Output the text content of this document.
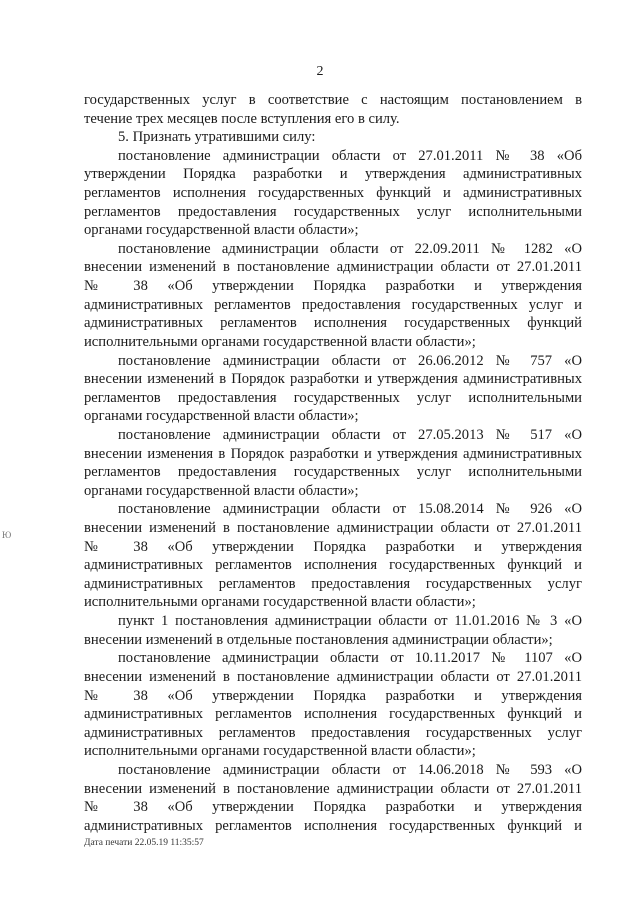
2
государственных услуг в соответствие с настоящим постановлением в
течение трех месяцев после вступления его в силу.
5. Признать утратившими силу:
постановление администрации области от 27.01.2011 № 38 «Об
утверждении Порядка разработки и утверждения административных
регламентов исполнения государственных функций и административных
регламентов предоставления государственных услуг исполнительными
органами государственной власти области»;
постановление администрации области от 22.09.2011 № 1282 «О
внесении изменений в постановление администрации области от 27.01.2011
№ 38 «Об утверждении Порядка разработки и утверждения
административных регламентов предоставления государственных услуг и
административных регламентов исполнения государственных функций
исполнительными органами государственной власти области»;
постановление администрации области от 26.06.2012 № 757 «О
внесении изменений в Порядок разработки и утверждения административных
регламентов предоставления государственных услуг исполнительными
органами государственной власти области»;
постановление администрации области от 27.05.2013 № 517 «О
внесении изменения в Порядок разработки и утверждения административных
регламентов предоставления государственных услуг исполнительными
органами государственной власти области»;
постановление администрации области от 15.08.2014 № 926 «О
внесении изменений в постановление администрации области от 27.01.2011
№ 38 «Об утверждении Порядка разработки и утверждения
административных регламентов исполнения государственных функций и
административных регламентов предоставления государственных услуг
исполнительными органами государственной власти области»;
пункт 1 постановления администрации области от 11.01.2016 № 3 «О
внесении изменений в отдельные постановления администрации области»;
постановление администрации области от 10.11.2017 № 1107 «О
внесении изменений в постановление администрации области от 27.01.2011
№ 38 «Об утверждении Порядка разработки и утверждения
административных регламентов исполнения государственных функций и
административных регламентов предоставления государственных услуг
исполнительными органами государственной власти области»;
постановление администрации области от 14.06.2018 № 593 «О
внесении изменений в постановление администрации области от 27.01.2011
№ 38 «Об утверждении Порядка разработки и утверждения
административных регламентов исполнения государственных функций и
Ю
Дата печати 22.05.19 11:35:57
